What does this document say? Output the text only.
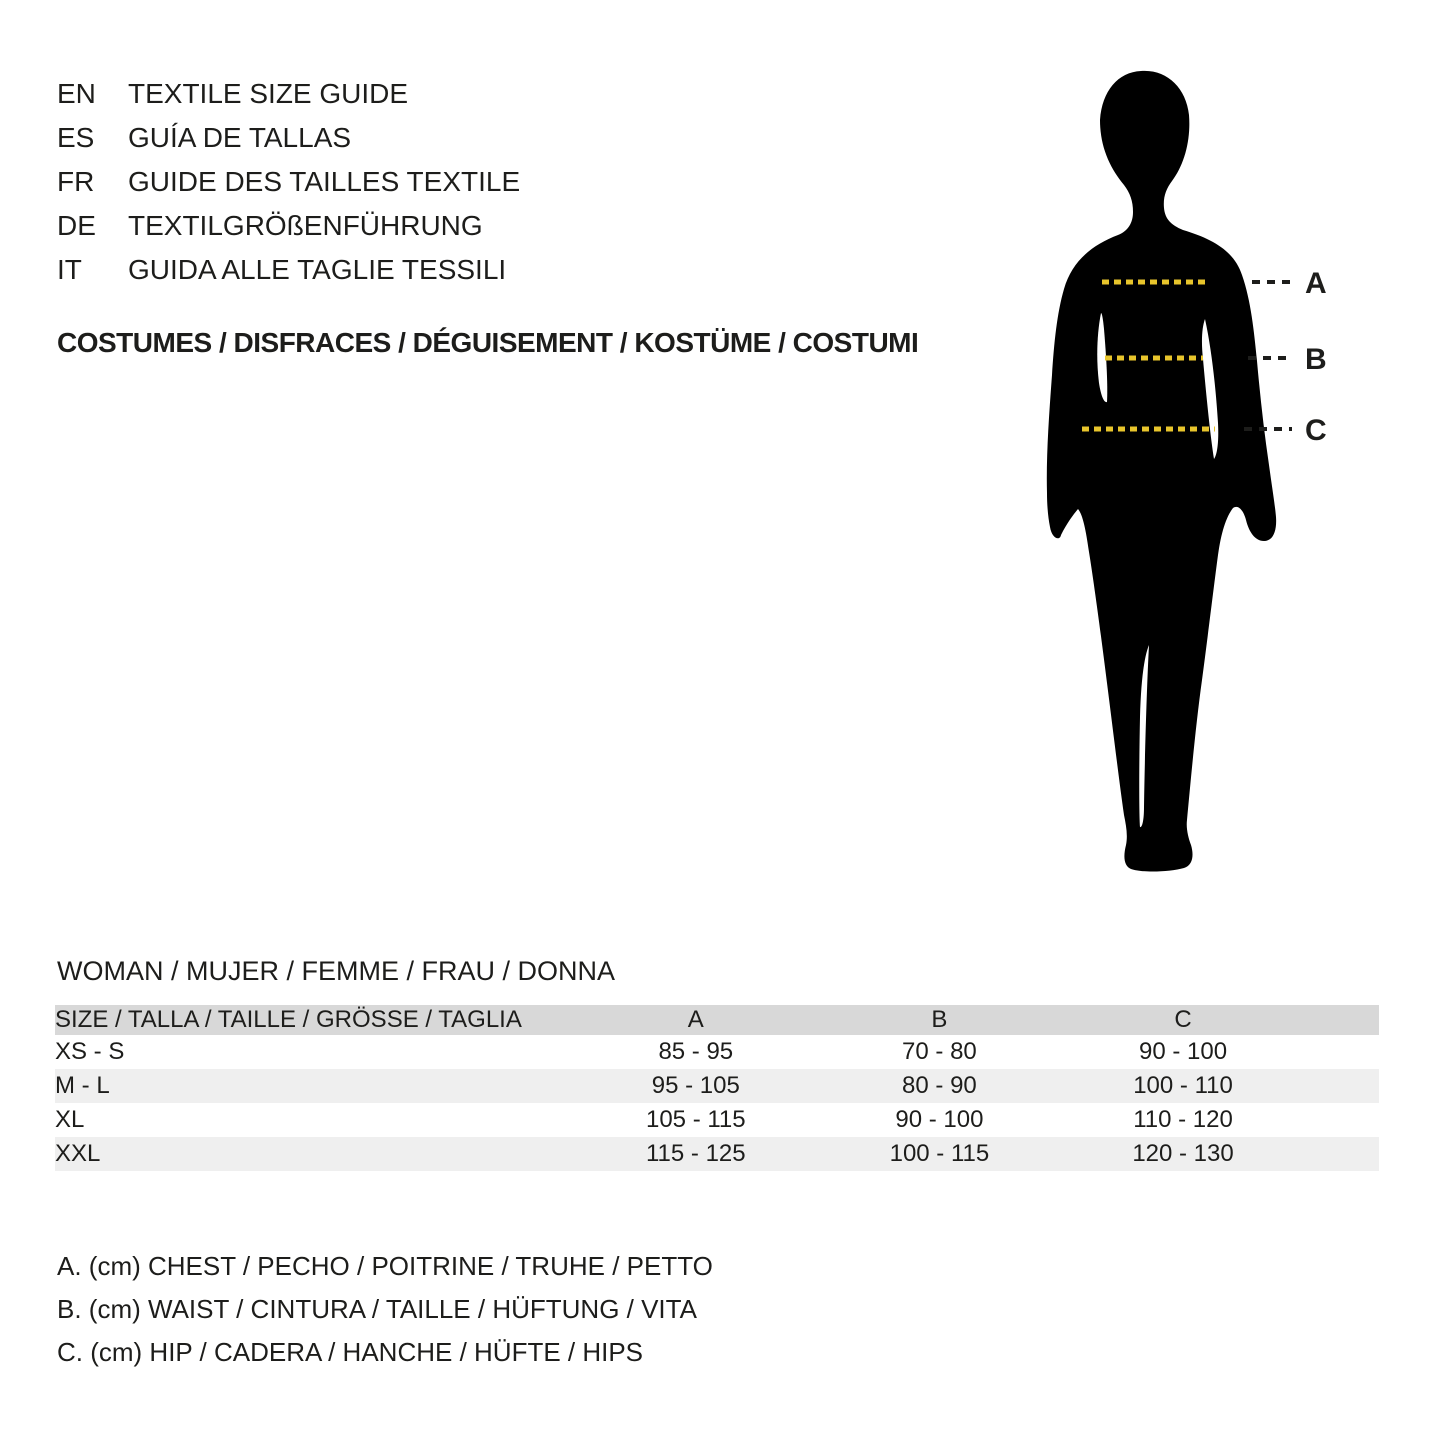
EN	TEXTILE SIZE GUIDE
ES	GUÍA DE TALLAS
FR	GUIDE DES TAILLES TEXTILE
DE	TEXTILGRÖßENFÜHRUNG
IT	GUIDA ALLE TAGLIE TESSILI
COSTUMES / DISFRACES / DÉGUISEMENT / KOSTÜME / COSTUMI
A
B
C
WOMAN / MUJER / FEMME / FRAU / DONNA
SIZE / TALLA / TAILLE / GRÖSSE / TAGLIA	A	B	C	
XS - S	85 - 95	70 - 80	90 - 100	
M - L	95 - 105	80 - 90	100 - 110	
XL	105 - 115	90 - 100	110 - 120	
XXL	115 - 125	100 - 115	120 - 130	
A. (cm) CHEST / PECHO / POITRINE / TRUHE / PETTO
B. (cm) WAIST / CINTURA / TAILLE / HÜFTUNG / VITA
C. (cm) HIP / CADERA / HANCHE / HÜFTE / HIPS
